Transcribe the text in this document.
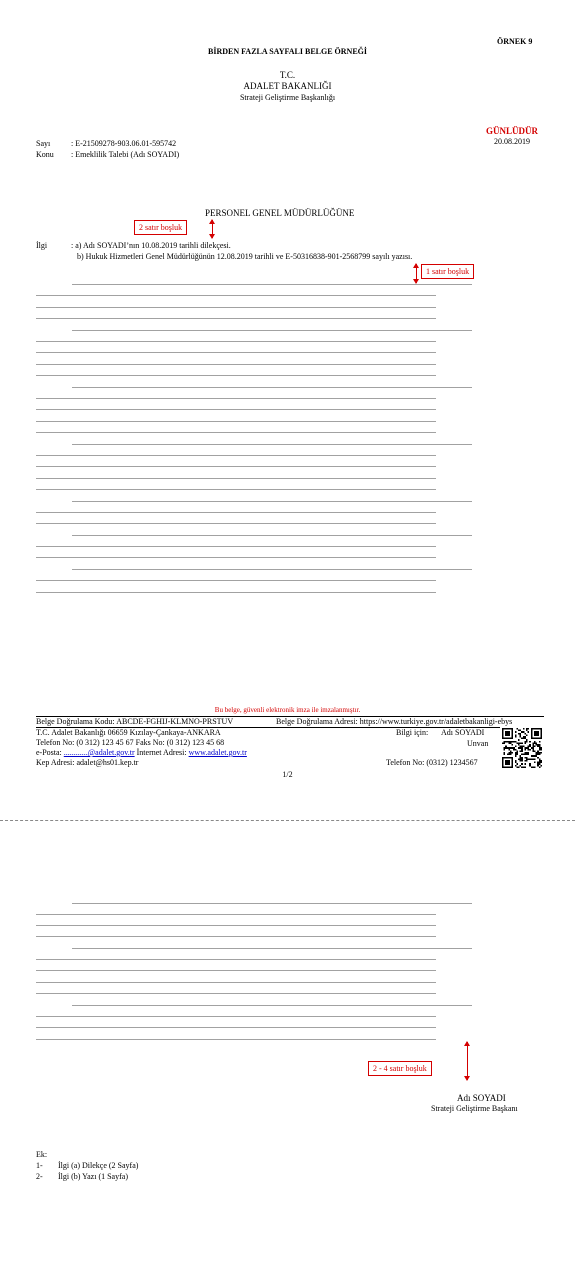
ÖRNEK 9
BİRDEN FAZLA SAYFALI BELGE ÖRNEĞİ
T.C.
ADALET BAKANLIĞI
Strateji Geliştirme Başkanlığı
GÜNLÜDÜR
20.08.2019
Sayı	: E-21509278-903.06.01-595742
Konu : Emeklilik Talebi (Adı SOYADI)
PERSONEL GENEL MÜDÜRLÜĞÜNE
2 satır boşluk
İlgi	: a) Adı SOYADI’nın 10.08.2019 tarihli dilekçesi.
b) Hukuk Hizmetleri Genel Müdürlüğünün 12.08.2019 tarihli ve E-50316838-901-2568799 sayılı yazısı.
1 satır boşluk
........................................................................................................................................................................................................
........................................................................................................................................................................................................
........................................................................................................................................................................................................
........................................................................................................................................................................................................
........................................................................................................................................................................................................
........................................................................................................................................................................................................
........................................................................................................................................................................................................
........................................................................................................................................................................................................
........................................................................................................................................................................................................
........................................................................................................................................................................................................
........................................................................................................................................................................................................
........................................................................................................................................................................................................
........................................................................................................................................................................................................
........................................................................................................................................................................................................
........................................................................................................................................................................................................
........................................................................................................................................................................................................
........................................................................................................................................................................................................
........................................................................................................................................................................................................
........................................................................................................................................................................................................
........................................................................................................................................................................................................
........................................................................................................................................................................................................
........................................................................................................................................................................................................
........................................................................................................................................................................................................
........................................................................................................................................................................................................
........................................................................................................................................................................................................
........................................................................................................................................................................................................
........................................................................................................................................................................................................
........................................................................................................................................................................................................
Bu belge, güvenli elektronik imza ile imzalanmıştır.
Belge Doğrulama Kodu: ABCDE-FGHIJ-KLMNO-PRSTUV	Belge Doğrulama Adresi: https://www.turkiye.gov.tr/adaletbakanligi-ebys
T.C. Adalet Bakanlığı 06659 Kızılay-Çankaya-ANKARA
Telefon No: (0 312) 123 45 67 Faks No: (0 312) 123 45 68
e-Posta: ............@adalet.gov.tr İnternet Adresi: www.adalet.gov.tr
Kep Adresi: adalet@hs01.kep.tr
Bilgi için: Adı SOYADI
Unvan
Telefon No: (0312) 1234567
1/2
........................................................................................................................................................................................................
........................................................................................................................................................................................................
........................................................................................................................................................................................................
........................................................................................................................................................................................................
........................................................................................................................................................................................................
........................................................................................................................................................................................................
........................................................................................................................................................................................................
........................................................................................................................................................................................................
........................................................................................................................................................................................................
........................................................................................................................................................................................................
........................................................................................................................................................................................................
........................................................................................................................................................................................................
........................................................................................................................................................................................................
2 - 4 satır boşluk
Adı SOYADI
Strateji Geliştirme Başkanı
Ek:
1- İlgi (a) Dilekçe (2 Sayfa)
2- İlgi (b) Yazı (1 Sayfa)
